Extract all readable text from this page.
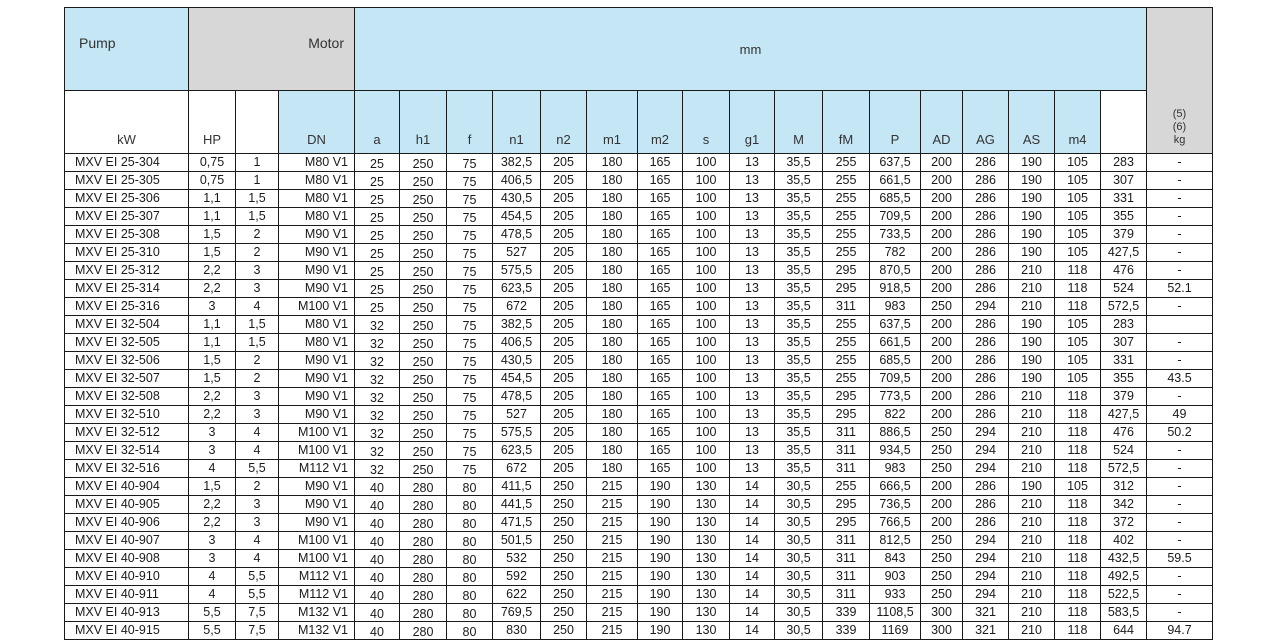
Pump			Motor	mm																	(5)
(6)
kg

kW	HP		DN	a	h1	f	n1	n2	m1	m2	s	g1	M	fM	P	AD	AG	AS	m4		
MXV EI 25-304	0,75	1	M80 V1	25	250	75	382,5	205	180	165	100	13	35,5	255	637,5	200	286	190	105	283	-
MXV EI 25-305	0,75	1	M80 V1	25	250	75	406,5	205	180	165	100	13	35,5	255	661,5	200	286	190	105	307	-
MXV EI 25-306	1,1	1,5	M80 V1	25	250	75	430,5	205	180	165	100	13	35,5	255	685,5	200	286	190	105	331	-
MXV EI 25-307	1,1	1,5	M80 V1	25	250	75	454,5	205	180	165	100	13	35,5	255	709,5	200	286	190	105	355	-
MXV EI 25-308	1,5	2	M90 V1	25	250	75	478,5	205	180	165	100	13	35,5	255	733,5	200	286	190	105	379	-
MXV EI 25-310	1,5	2	M90 V1	25	250	75	527	205	180	165	100	13	35,5	255	782	200	286	190	105	427,5	-
MXV EI 25-312	2,2	3	M90 V1	25	250	75	575,5	205	180	165	100	13	35,5	295	870,5	200	286	210	118	476	-
MXV EI 25-314	2,2	3	M90 V1	25	250	75	623,5	205	180	165	100	13	35,5	295	918,5	200	286	210	118	524	52.1
MXV EI 25-316	3	4	M100 V1	25	250	75	672	205	180	165	100	13	35,5	311	983	250	294	210	118	572,5	-
MXV EI 32-504	1,1	1,5	M80 V1	32	250	75	382,5	205	180	165	100	13	35,5	255	637,5	200	286	190	105	283	
MXV EI 32-505	1,1	1,5	M80 V1	32	250	75	406,5	205	180	165	100	13	35,5	255	661,5	200	286	190	105	307	-
MXV EI 32-506	1,5	2	M90 V1	32	250	75	430,5	205	180	165	100	13	35,5	255	685,5	200	286	190	105	331	-
MXV EI 32-507	1,5	2	M90 V1	32	250	75	454,5	205	180	165	100	13	35,5	255	709,5	200	286	190	105	355	43.5
MXV EI 32-508	2,2	3	M90 V1	32	250	75	478,5	205	180	165	100	13	35,5	295	773,5	200	286	210	118	379	-
MXV EI 32-510	2,2	3	M90 V1	32	250	75	527	205	180	165	100	13	35,5	295	822	200	286	210	118	427,5	49
MXV EI 32-512	3	4	M100 V1	32	250	75	575,5	205	180	165	100	13	35,5	311	886,5	250	294	210	118	476	50.2
MXV EI 32-514	3	4	M100 V1	32	250	75	623,5	205	180	165	100	13	35,5	311	934,5	250	294	210	118	524	-
MXV EI 32-516	4	5,5	M112 V1	32	250	75	672	205	180	165	100	13	35,5	311	983	250	294	210	118	572,5	-
MXV EI 40-904	1,5	2	M90 V1	40	280	80	411,5	250	215	190	130	14	30,5	255	666,5	200	286	190	105	312	-
MXV EI 40-905	2,2	3	M90 V1	40	280	80	441,5	250	215	190	130	14	30,5	295	736,5	200	286	210	118	342	-
MXV EI 40-906	2,2	3	M90 V1	40	280	80	471,5	250	215	190	130	14	30,5	295	766,5	200	286	210	118	372	-
MXV EI 40-907	3	4	M100 V1	40	280	80	501,5	250	215	190	130	14	30,5	311	812,5	250	294	210	118	402	-
MXV EI 40-908	3	4	M100 V1	40	280	80	532	250	215	190	130	14	30,5	311	843	250	294	210	118	432,5	59.5
MXV EI 40-910	4	5,5	M112 V1	40	280	80	592	250	215	190	130	14	30,5	311	903	250	294	210	118	492,5	-
MXV EI 40-911	4	5,5	M112 V1	40	280	80	622	250	215	190	130	14	30,5	311	933	250	294	210	118	522,5	-
MXV EI 40-913	5,5	7,5	M132 V1	40	280	80	769,5	250	215	190	130	14	30,5	339	1108,5	300	321	210	118	583,5	-
MXV EI 40-915	5,5	7,5	M132 V1	40	280	80	830	250	215	190	130	14	30,5	339	1169	300	321	210	118	644	94.7
